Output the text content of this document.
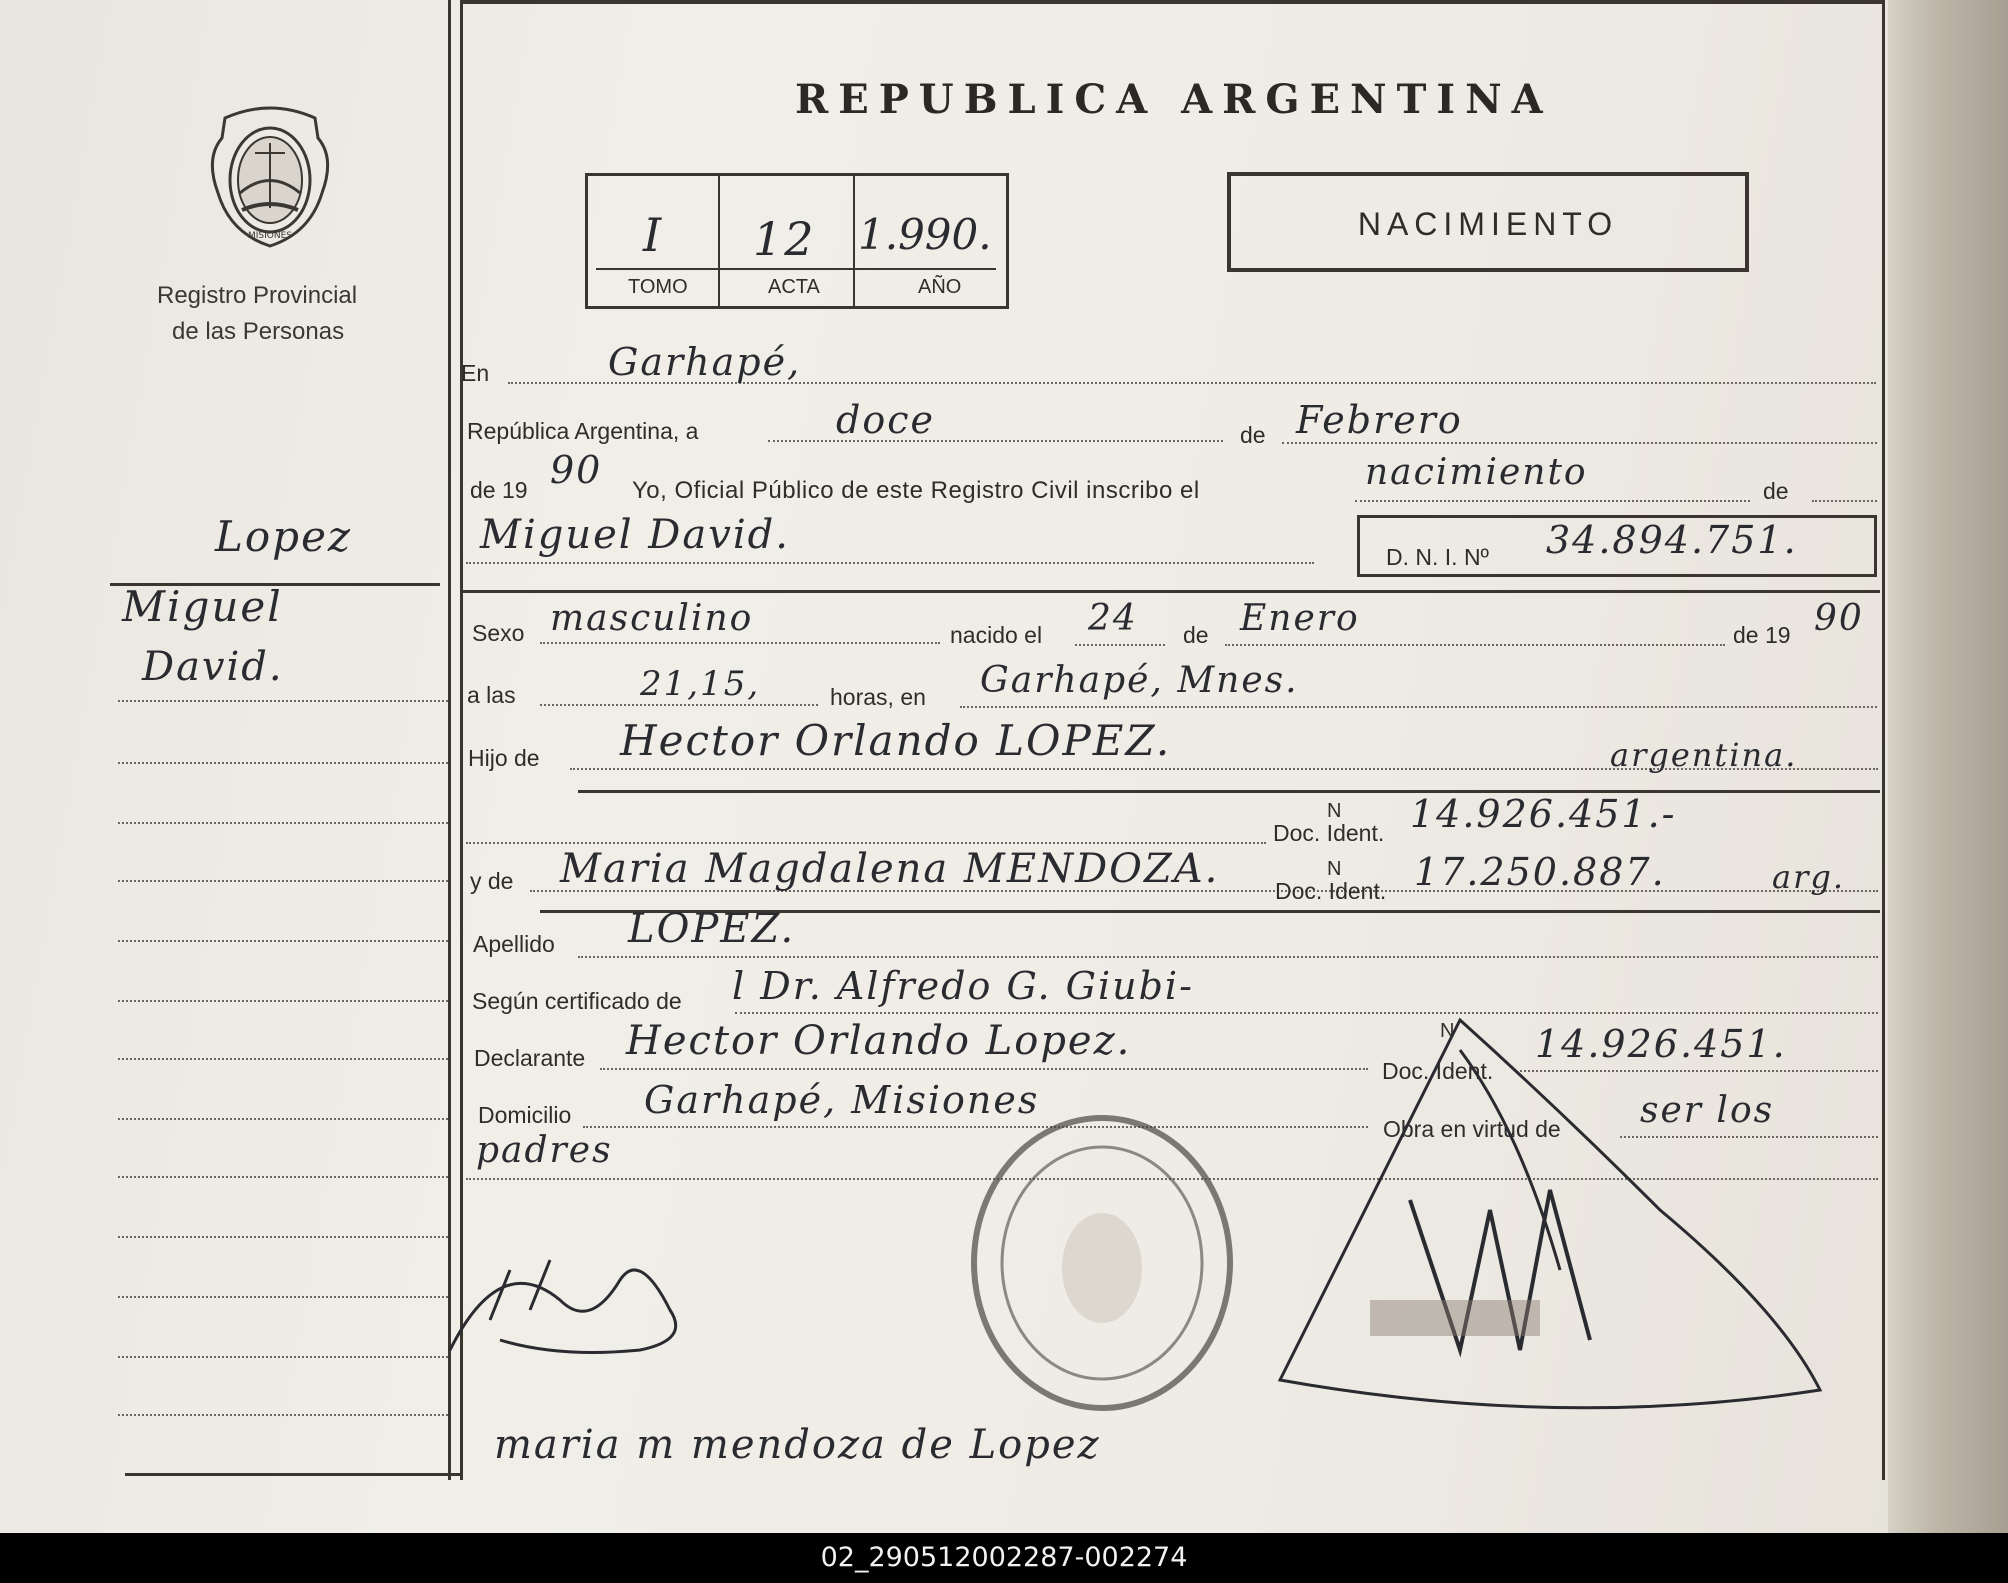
MISIONES
Registro Provincial
de las Personas
Lopez
Miguel
David.
REPUBLICA ARGENTINA
I 12 1.990.
TOMO	ACTA	AÑO
NACIMIENTO
En	Garhapé,
República Argentina, a	doce	de Febrero
de 19 90 Yo, Oficial Público de este Registro Civil inscribo el	nacimiento	de
Miguel David.	D. N. I. Nº 34.894.751.
Sexo masculino	nacido el 24 de Enero	de 19 90
a las	21,15,	horas, en Garhapé, Mnes.
Hijo de Hector Orlando LOPEZ.	argentina.
Doc. Ident.
N 14.926.451.-
y de Maria Magdalena MENDOZA. Doc. Ident.
N 17.250.887.	arg.
Apellido LOPEZ.
Según certificado de l Dr. Alfredo G. Giubi-
Declarante Hector Orlando Lopez.
Doc. Ident.
N 14.926.451.
Domicilio Garhapé, Misiones
Obra en virtud de ser los
padres
maria m mendoza de Lopez
02_290512002287-002274
